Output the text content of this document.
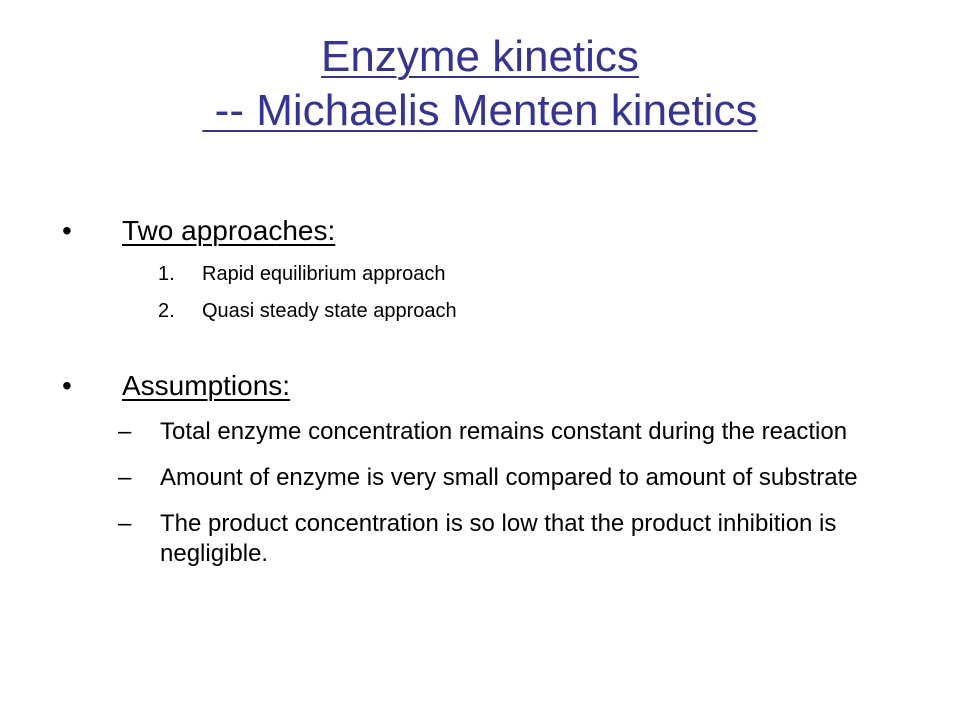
Enzyme kinetics
-- Michaelis Menten kinetics
• Two approaches:
1. Rapid equilibrium approach
2. Quasi steady state approach
• Assumptions:
– Total enzyme concentration remains constant during the reaction
– Amount of enzyme is very small compared to amount of substrate
– The product concentration is so low that the product inhibition is negligible.
